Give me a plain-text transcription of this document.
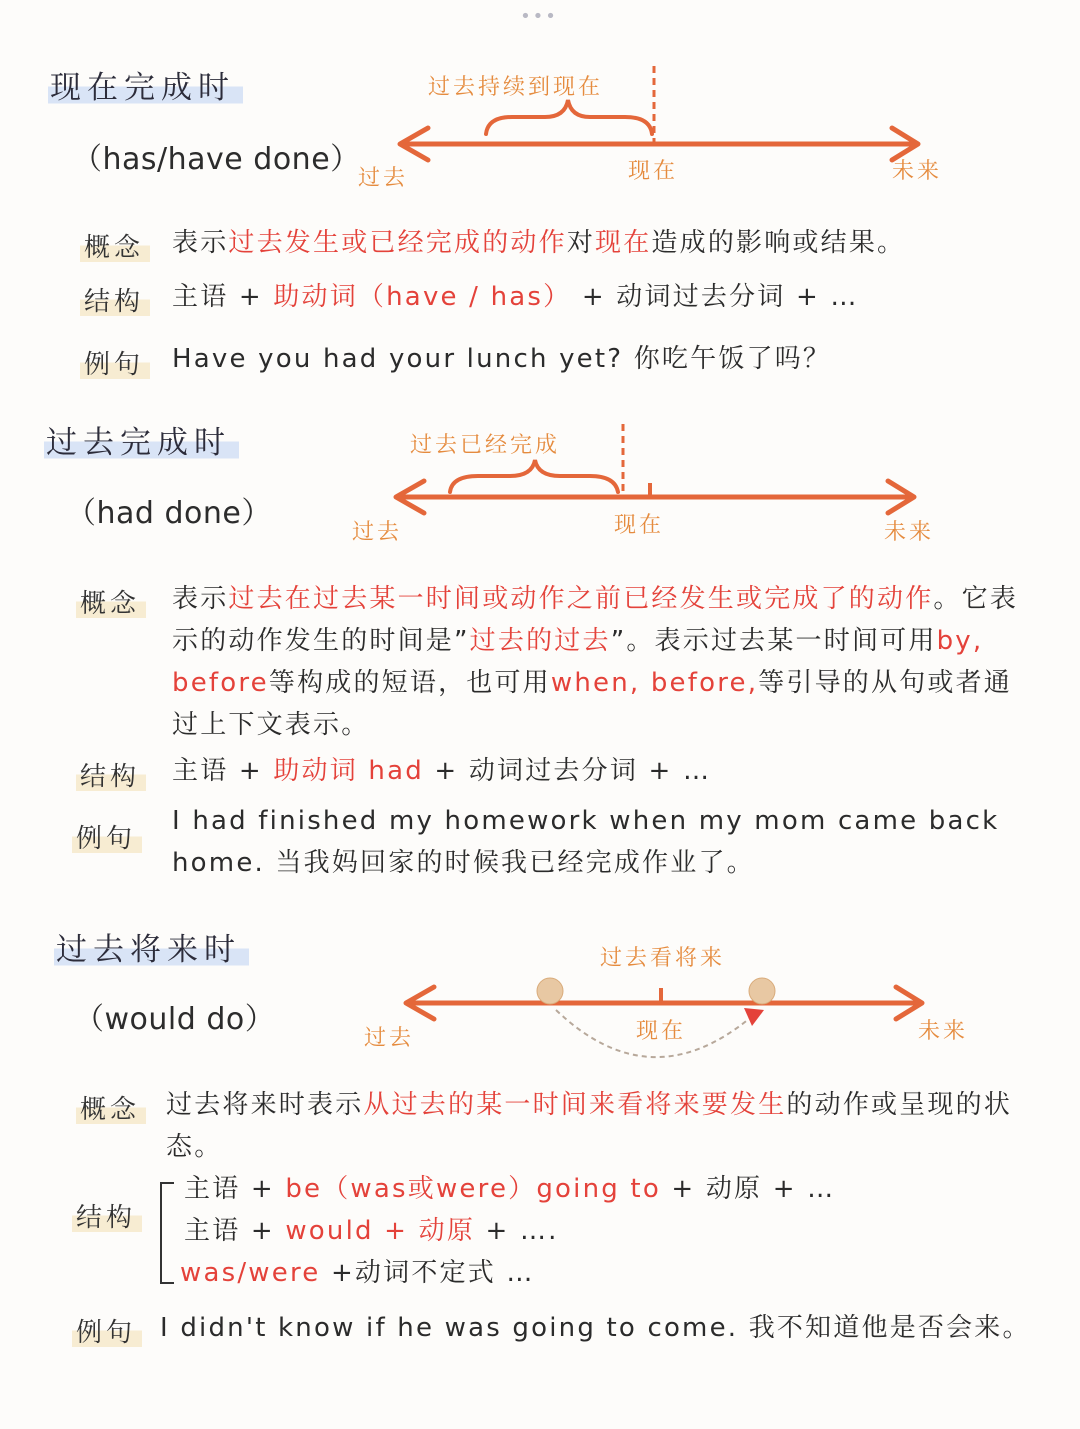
•••
现在完成时
（has/have done）
过去持续到现在
过去	现在	未来
过去已经完成
过去	现在	未来
过去看将来
过去	现在	未来
概念 表示过去发生或已经完成的动作对现在造成的影响或结果。
结构 主语 + 助动词（have / has） + 动词过去分词 + …
例句 Have you had your lunch yet? 你吃午饭了吗？
过去完成时
（had done）
概念 表示过去在过去某一时间或动作之前已经发生或完成了的动作。它表示的动作发生的时间是”过去的过去”。表示过去某一时间可用by, before等构成的短语，也可用when, before,等引导的从句或者通过上下文表示。
结构 主语 + 助动词 had + 动词过去分词 + …
例句
I had finished my homework when my mom came back home. 当我妈回家的时候我已经完成作业了。
过去将来时
（would do）
概念 过去将来时表示从过去的某一时间来看将来要发生的动作或呈现的状态。
结构
主语 + be（was或were）going to + 动原 + …
主语 + would + 动原 + ….
was/were +动词不定式 …
例句 I didn't know if he was going to come. 我不知道他是否会来。
